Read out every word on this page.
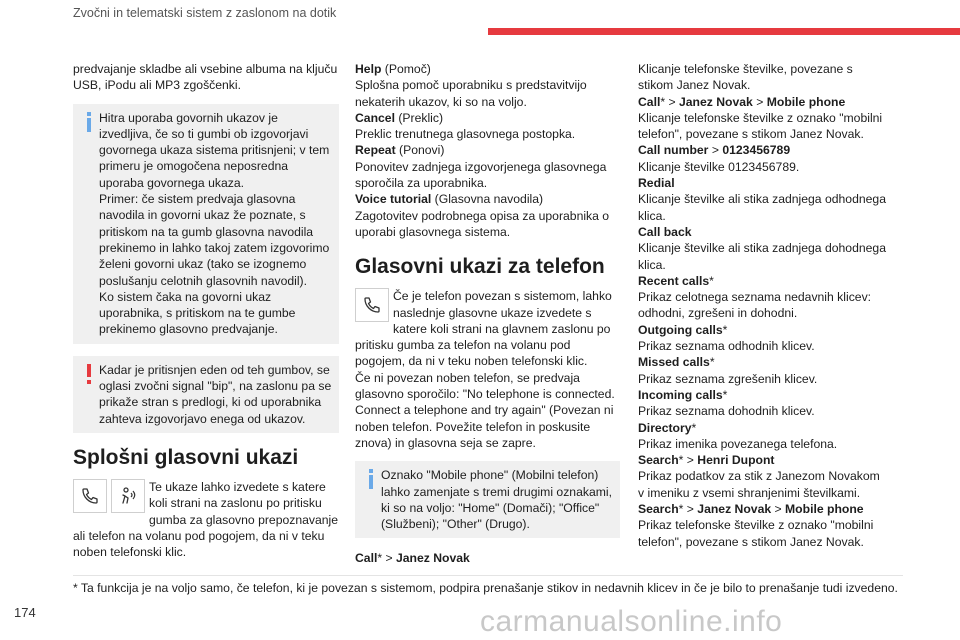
Zvočni in telematski sistem z zaslonom na dotik

predvajanje skladbe ali vsebine albuma na ključu USB, iPodu ali MP3 zgoščenki.

Hitra uporaba govornih ukazov je izvedljiva, če so ti gumbi ob izgovorjavi govornega ukaza sistema pritisnjeni; v tem primeru je omogočena neposredna uporaba govornega ukaza.

Primer: če sistem predvaja glasovna navodila in govorni ukaz že poznate, s pritiskom na ta gumb glasovna navodila prekinemo in lahko takoj zatem izgovorimo želeni govorni ukaz (tako se izognemo poslušanju celotnih glasovnih navodil).

Ko sistem čaka na govorni ukaz uporabnika, s pritiskom na te gumbe prekinemo glasovno predvajanje.

Kadar je pritisnjen eden od teh gumbov, se oglasi zvočni signal "bip", na zaslonu pa se prikaže stran s predlogi, ki od uporabnika zahteva izgovorjavo enega od ukazov.

Splošni glasovni ukazi

Te ukaze lahko izvedete s katere koli strani na zaslonu po pritisku gumba za glasovno prepoznavanje ali telefon na volanu pod pogojem, da ni v teku noben telefonski klic.

Help (Pomoč)

Splošna pomoč uporabniku s predstavitvijo nekaterih ukazov, ki so na voljo.

Cancel (Preklic)

Preklic trenutnega glasovnega postopka.

Repeat (Ponovi)

Ponovitev zadnjega izgovorjenega glasovnega sporočila za uporabnika.

Voice tutorial (Glasovna navodila)

Zagotovitev podrobnega opisa za uporabnika o uporabi glasovnega sistema.

Glasovni ukazi za telefon

Če je telefon povezan s sistemom, lahko naslednje glasovne ukaze izvedete s katere koli strani na glavnem zaslonu po pritisku gumba za telefon na volanu pod pogojem, da ni v teku noben telefonski klic.

Če ni povezan noben telefon, se predvaja glasovno sporočilo: "No telephone is connected. Connect a telephone and try again" (Povezan ni noben telefon. Povežite telefon in poskusite znova) in glasovna seja se zapre.

Oznako "Mobile phone" (Mobilni telefon) lahko zamenjate s tremi drugimi oznakami, ki so na voljo: "Home" (Domači); "Office" (Službeni); "Other" (Drugo).

Call* > Janez Novak

Klicanje telefonske številke, povezane s stikom Janez Novak.

Call* > Janez Novak > Mobile phone

Klicanje telefonske številke z oznako "mobilni telefon", povezane s stikom Janez Novak.

Call number > 0123456789

Klicanje številke 0123456789.

Redial

Klicanje številke ali stika zadnjega odhodnega klica.

Call back

Klicanje številke ali stika zadnjega dohodnega klica.

Recent calls*

Prikaz celotnega seznama nedavnih klicev: odhodni, zgrešeni in dohodni.

Outgoing calls*

Prikaz seznama odhodnih klicev.

Missed calls*

Prikaz seznama zgrešenih klicev.

Incoming calls*

Prikaz seznama dohodnih klicev.

Directory*

Prikaz imenika povezanega telefona.

Search* > Henri Dupont

Prikaz podatkov za stik z Janezom Novakom v imeniku z vsemi shranjenimi številkami.

Search* > Janez Novak > Mobile phone

Prikaz telefonske številke z oznako "mobilni telefon", povezane s stikom Janez Novak.

* Ta funkcija je na voljo samo, če telefon, ki je povezan s sistemom, podpira prenašanje stikov in nedavnih klicev in če je bilo to prenašanje tudi izvedeno.
174	carmanualsonline.info
